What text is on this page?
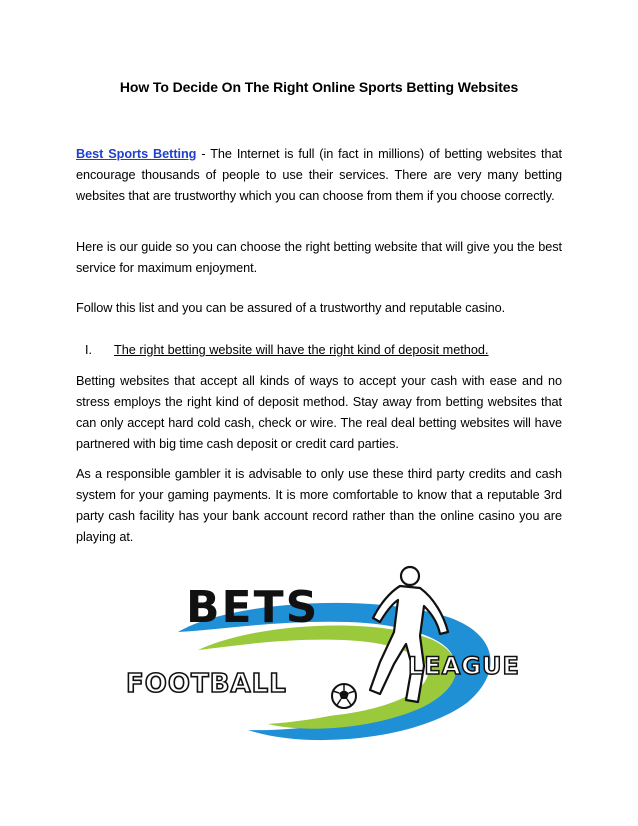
How To Decide On The Right Online Sports Betting Websites
Best Sports Betting - The Internet is full (in fact in millions) of betting websites that encourage thousands of people to use their services. There are very many betting websites that are trustworthy which you can choose from them if you choose correctly.
Here is our guide so you can choose the right betting website that will give you the best service for maximum enjoyment.
Follow this list and you can be assured of a trustworthy and reputable casino.
I. The right betting website will have the right kind of deposit method.
Betting websites that accept all kinds of ways to accept your cash with ease and no stress employs the right kind of deposit method. Stay away from betting websites that can only accept hard cold cash, check or wire. The real deal betting websites will have partnered with big time cash deposit or credit card parties.
As a responsible gambler it is advisable to only use these third party credits and cash system for your gaming payments. It is more comfortable to know that a reputable 3rd party cash facility has your bank account record rather than the online casino you are playing at.
BETS
FOOTBALL
LEAGUE
